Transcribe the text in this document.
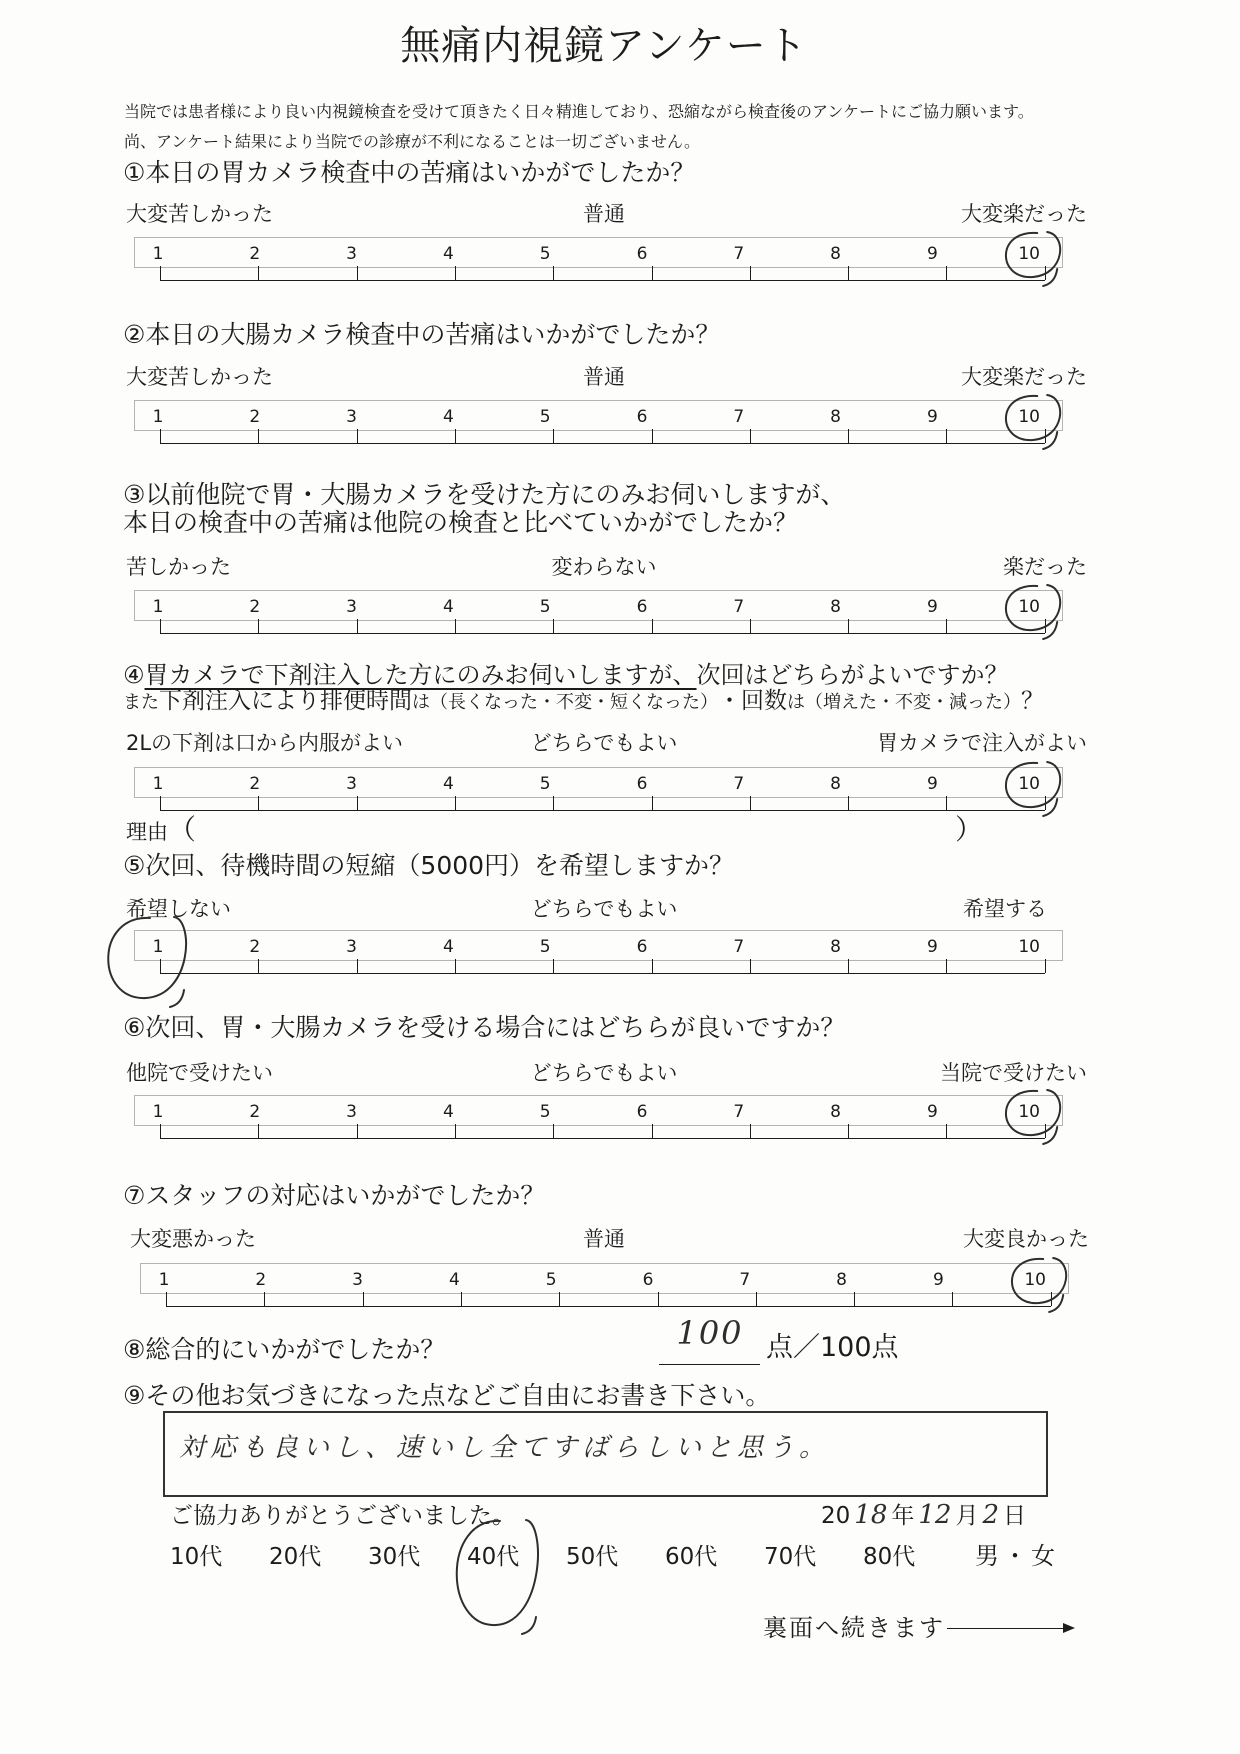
無痛内視鏡アンケート
当院では患者様により良い内視鏡検査を受けて頂きたく日々精進しており、恐縮ながら検査後のアンケートにご協力願います。
尚、アンケート結果により当院での診療が不利になることは一切ございません。
①本日の胃カメラ検査中の苦痛はいかがでしたか？
大変苦しかった	普通	大変楽だった
1	2	3	4	5	6	7	8	9	10
②本日の大腸カメラ検査中の苦痛はいかがでしたか？
大変苦しかった	普通	大変楽だった
1	2	3	4	5	6	7	8	9	10
③以前他院で胃・大腸カメラを受けた方にのみお伺いしますが、
本日の検査中の苦痛は他院の検査と比べていかがでしたか？
苦しかった	変わらない	楽だった
1	2	3	4	5	6	7	8	9	10
④胃カメラで下剤注入した方にのみお伺いしますが、次回はどちらがよいですか？
また 下剤注入により排便時間 は （長くなった・不変・短くなった） ・回数 は （増えた・不変・減った） ？
2Lの下剤は口から内服がよい	どちらでもよい	胃カメラで注入がよい
1	2	3	4	5	6	7	8	9	10
理由 （	）
⑤次回、待機時間の短縮（5000円）を希望しますか？
希望しない	どちらでもよい	希望する
1	2	3	4	5	6	7	8	9	10
⑥次回、胃・大腸カメラを受ける場合にはどちらが良いですか？
他院で受けたい	どちらでもよい	当院で受けたい
1	2	3	4	5	6	7	8	9	10
⑦スタッフの対応はいかがでしたか？
大変悪かった	普通	大変良かった
1	2	3	4	5	6	7	8	9	10
⑧総合的にいかがでしたか？	100 点／100点
⑨その他お気づきになった点などご自由にお書き下さい。
対応も良いし、速いし全てすばらしいと思う。
ご協力ありがとうございました。	20 18 年 12 月 2 日
10代 20代 30代 40代 50代 60代 70代 80代 男・女
裏面へ続きます
